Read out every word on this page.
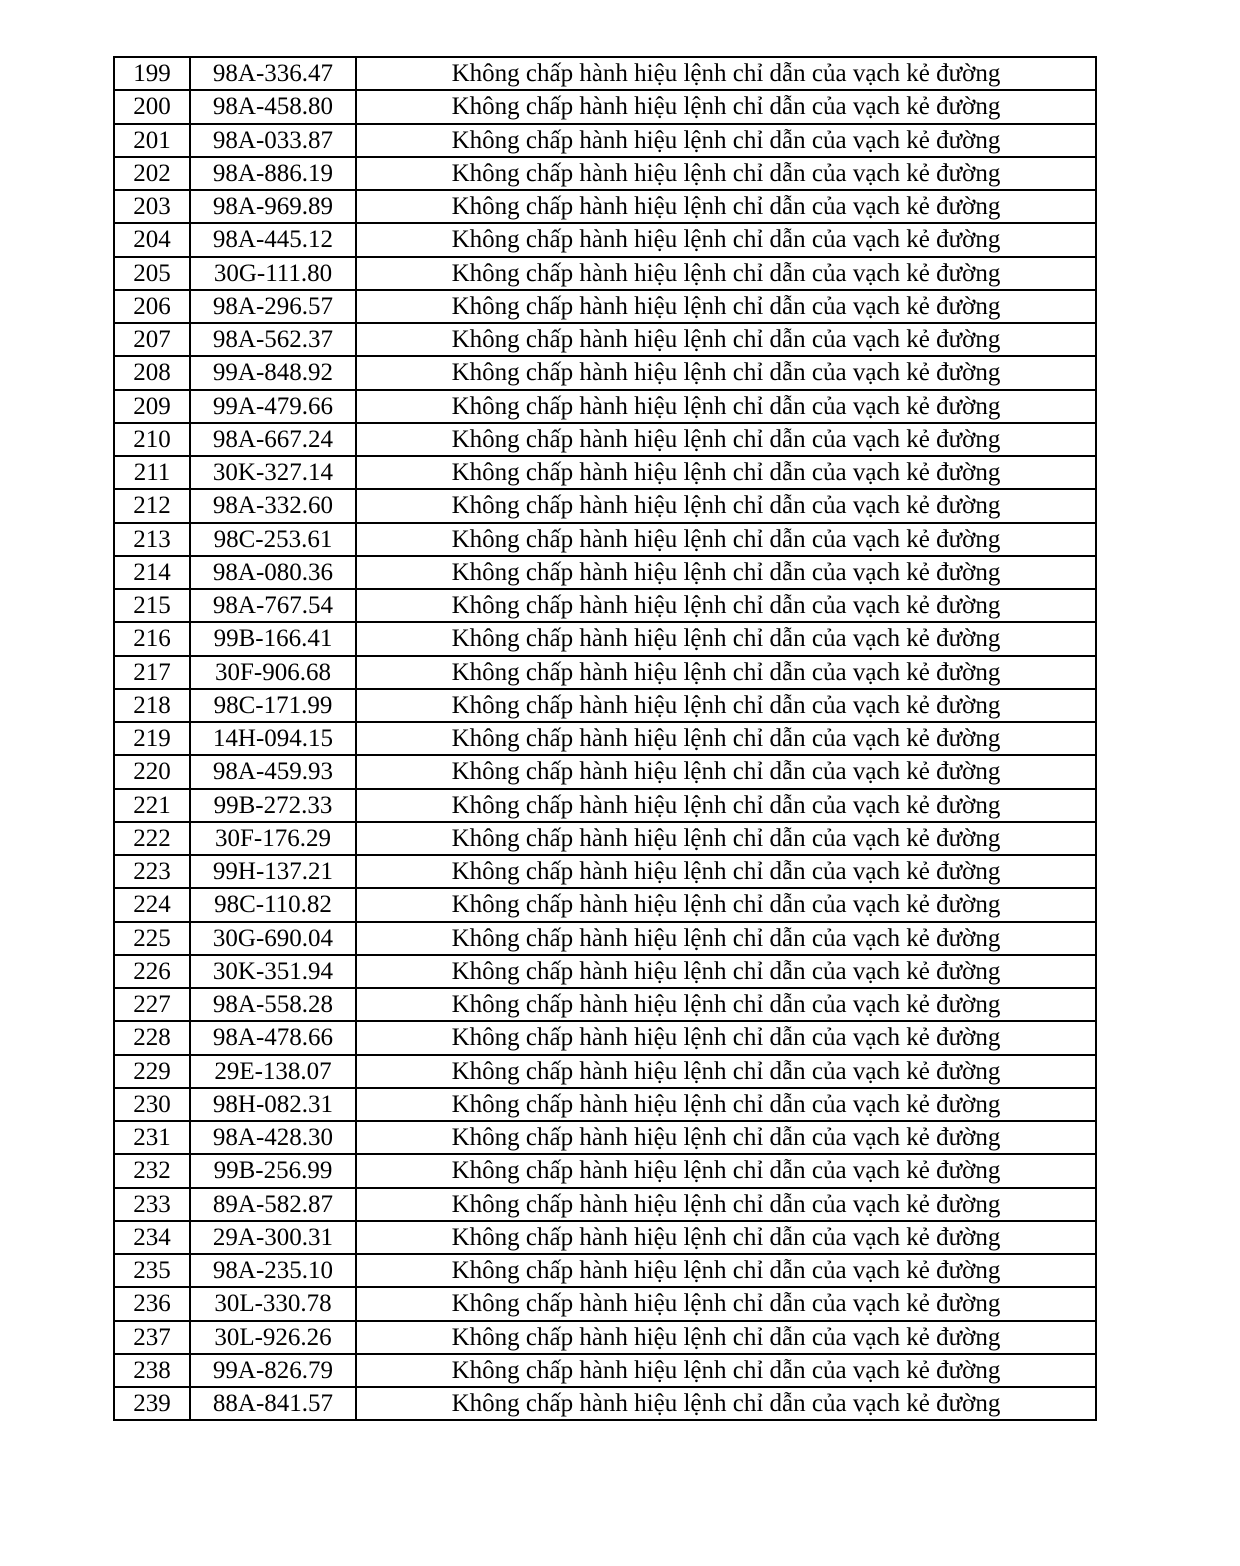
199	98A-336.47	Không chấp hành hiệu lệnh chỉ dẫn của vạch kẻ đường
200	98A-458.80	Không chấp hành hiệu lệnh chỉ dẫn của vạch kẻ đường
201	98A-033.87	Không chấp hành hiệu lệnh chỉ dẫn của vạch kẻ đường
202	98A-886.19	Không chấp hành hiệu lệnh chỉ dẫn của vạch kẻ đường
203	98A-969.89	Không chấp hành hiệu lệnh chỉ dẫn của vạch kẻ đường
204	98A-445.12	Không chấp hành hiệu lệnh chỉ dẫn của vạch kẻ đường
205	30G-111.80	Không chấp hành hiệu lệnh chỉ dẫn của vạch kẻ đường
206	98A-296.57	Không chấp hành hiệu lệnh chỉ dẫn của vạch kẻ đường
207	98A-562.37	Không chấp hành hiệu lệnh chỉ dẫn của vạch kẻ đường
208	99A-848.92	Không chấp hành hiệu lệnh chỉ dẫn của vạch kẻ đường
209	99A-479.66	Không chấp hành hiệu lệnh chỉ dẫn của vạch kẻ đường
210	98A-667.24	Không chấp hành hiệu lệnh chỉ dẫn của vạch kẻ đường
211	30K-327.14	Không chấp hành hiệu lệnh chỉ dẫn của vạch kẻ đường
212	98A-332.60	Không chấp hành hiệu lệnh chỉ dẫn của vạch kẻ đường
213	98C-253.61	Không chấp hành hiệu lệnh chỉ dẫn của vạch kẻ đường
214	98A-080.36	Không chấp hành hiệu lệnh chỉ dẫn của vạch kẻ đường
215	98A-767.54	Không chấp hành hiệu lệnh chỉ dẫn của vạch kẻ đường
216	99B-166.41	Không chấp hành hiệu lệnh chỉ dẫn của vạch kẻ đường
217	30F-906.68	Không chấp hành hiệu lệnh chỉ dẫn của vạch kẻ đường
218	98C-171.99	Không chấp hành hiệu lệnh chỉ dẫn của vạch kẻ đường
219	14H-094.15	Không chấp hành hiệu lệnh chỉ dẫn của vạch kẻ đường
220	98A-459.93	Không chấp hành hiệu lệnh chỉ dẫn của vạch kẻ đường
221	99B-272.33	Không chấp hành hiệu lệnh chỉ dẫn của vạch kẻ đường
222	30F-176.29	Không chấp hành hiệu lệnh chỉ dẫn của vạch kẻ đường
223	99H-137.21	Không chấp hành hiệu lệnh chỉ dẫn của vạch kẻ đường
224	98C-110.82	Không chấp hành hiệu lệnh chỉ dẫn của vạch kẻ đường
225	30G-690.04	Không chấp hành hiệu lệnh chỉ dẫn của vạch kẻ đường
226	30K-351.94	Không chấp hành hiệu lệnh chỉ dẫn của vạch kẻ đường
227	98A-558.28	Không chấp hành hiệu lệnh chỉ dẫn của vạch kẻ đường
228	98A-478.66	Không chấp hành hiệu lệnh chỉ dẫn của vạch kẻ đường
229	29E-138.07	Không chấp hành hiệu lệnh chỉ dẫn của vạch kẻ đường
230	98H-082.31	Không chấp hành hiệu lệnh chỉ dẫn của vạch kẻ đường
231	98A-428.30	Không chấp hành hiệu lệnh chỉ dẫn của vạch kẻ đường
232	99B-256.99	Không chấp hành hiệu lệnh chỉ dẫn của vạch kẻ đường
233	89A-582.87	Không chấp hành hiệu lệnh chỉ dẫn của vạch kẻ đường
234	29A-300.31	Không chấp hành hiệu lệnh chỉ dẫn của vạch kẻ đường
235	98A-235.10	Không chấp hành hiệu lệnh chỉ dẫn của vạch kẻ đường
236	30L-330.78	Không chấp hành hiệu lệnh chỉ dẫn của vạch kẻ đường
237	30L-926.26	Không chấp hành hiệu lệnh chỉ dẫn của vạch kẻ đường
238	99A-826.79	Không chấp hành hiệu lệnh chỉ dẫn của vạch kẻ đường
239	88A-841.57	Không chấp hành hiệu lệnh chỉ dẫn của vạch kẻ đường
